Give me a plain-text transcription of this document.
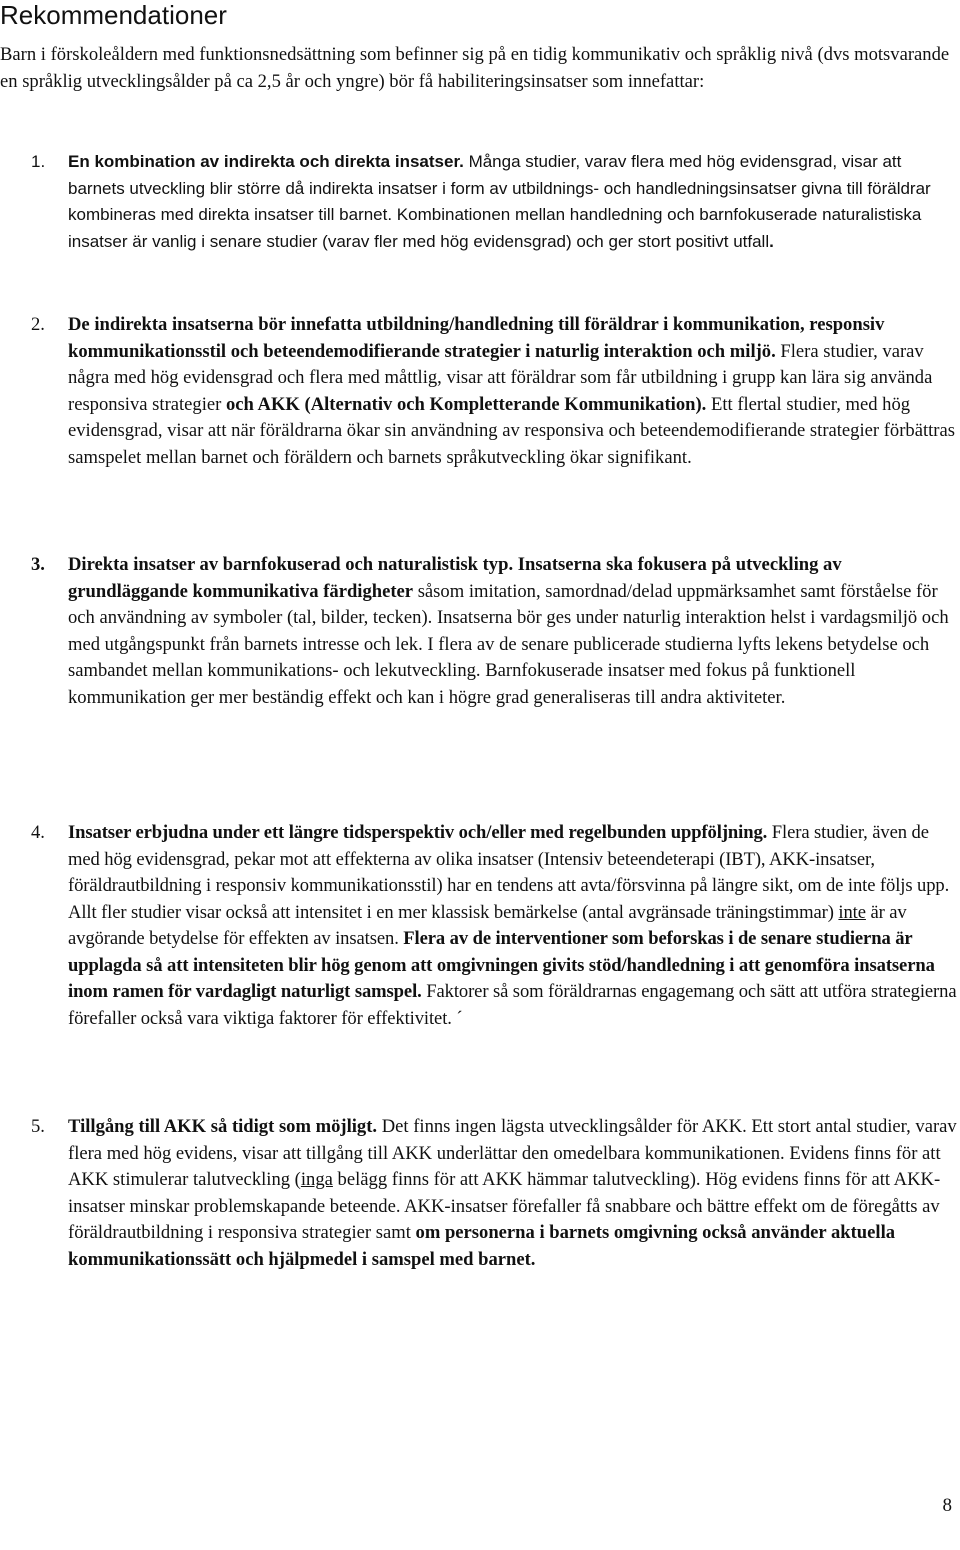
Rekommendationer

Barn i förskoleåldern med funktionsnedsättning som befinner sig på en tidig kommunikativ och språklig nivå (dvs motsvarande en språklig utvecklingsålder på ca 2,5 år och yngre) bör få habiliteringsinsatser som innefattar:

1. En kombination av indirekta och direkta insatser. Många studier, varav flera med hög evidensgrad, visar att barnets utveckling blir större då indirekta insatser i form av utbildnings- och handledningsinsatser givna till föräldrar kombineras med direkta insatser till barnet. Kombinationen mellan handledning och barnfokuserade naturalistiska insatser är vanlig i senare studier (varav fler med hög evidensgrad) och ger stort positivt utfall.
2. De indirekta insatserna bör innefatta utbildning/handledning till föräldrar i kommunikation, responsiv kommunikationsstil och beteendemodifierande strategier i naturlig interaktion och miljö. Flera studier, varav några med hög evidensgrad och flera med måttlig, visar att föräldrar som får utbildning i grupp kan lära sig använda responsiva strategier och AKK (Alternativ och Kompletterande Kommunikation). Ett flertal studier, med hög evidensgrad, visar att när föräldrarna ökar sin användning av responsiva och beteendemodifierande strategier förbättras samspelet mellan barnet och föräldern och barnets språkutveckling ökar signifikant.
3. Direkta insatser av barnfokuserad och naturalistisk typ. Insatserna ska fokusera på utveckling av grundläggande kommunikativa färdigheter såsom imitation, samordnad/delad uppmärksamhet samt förståelse för och användning av symboler (tal, bilder, tecken). Insatserna bör ges under naturlig interaktion helst i vardagsmiljö och med utgångspunkt från barnets intresse och lek. I flera av de senare publicerade studierna lyfts lekens betydelse och sambandet mellan kommunikations- och lekutveckling. Barnfokuserade insatser med fokus på funktionell kommunikation ger mer beständig effekt och kan i högre grad generaliseras till andra aktiviteter.
4. Insatser erbjudna under ett längre tidsperspektiv och/eller med regelbunden uppföljning. Flera studier, även de med hög evidensgrad, pekar mot att effekterna av olika insatser (Intensiv beteendeterapi (IBT), AKK-insatser, föräldrautbildning i responsiv kommunikationsstil) har en tendens att avta/försvinna på längre sikt, om de inte följs upp. Allt fler studier visar också att intensitet i en mer klassisk bemärkelse (antal avgränsade träningstimmar) inte är av avgörande betydelse för effekten av insatsen. Flera av de interventioner som beforskas i de senare studierna är upplagda så att intensiteten blir hög genom att omgivningen givits stöd/handledning i att genomföra insatserna inom ramen för vardagligt naturligt samspel. Faktorer så som föräldrarnas engagemang och sätt att utföra strategierna förefaller också vara viktiga faktorer för effektivitet. ´
5. Tillgång till AKK så tidigt som möjligt. Det finns ingen lägsta utvecklingsålder för AKK. Ett stort antal studier, varav flera med hög evidens, visar att tillgång till AKK underlättar den omedelbara kommunikationen. Evidens finns för att AKK stimulerar talutveckling (inga belägg finns för att AKK hämmar talutveckling). Hög evidens finns för att AKK-insatser minskar problemskapande beteende. AKK-insatser förefaller få snabbare och bättre effekt om de föregåtts av föräldrautbildning i responsiva strategier samt om personerna i barnets omgivning också använder aktuella kommunikationssätt och hjälpmedel i samspel med barnet.
8
